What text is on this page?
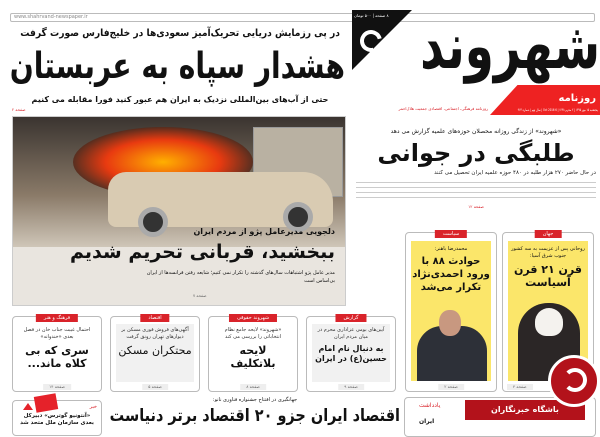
www.shahrvand-newspaper.ir	۸ صفحه | ۵۰۰ تومان شهروند
روزنامه
پنجشنبه ۱۵ مهر ۱۳۹۵ | ۲ محرم ۱۴۳۸ | 6 Oct 2016 | سال نهم | شماره ۹۶۳
روزنامه فرهنگی، اجتماعی، اقتصادی جمعیت هلال‌احمر
در پی رزمایش دریایی تحریک‌آمیز سعودی‌ها در خلیج‌فارس صورت گرفت
هشدار سپاه به عربستان
حتی از آب‌های بین‌المللی نزدیک به ایران هم عبور کنید فورا مقابله می کنیم
صفحه ۲
دلجویی مدیرعامل پژو از مردم ایران
ببخشید، قربانی تحریم شدیم
مدیر عامل پژو اشتباهات سال‌های گذشته را تکرار نمی کنیم؛ شایعه رفتن فرانسه‌ها از ایران بی‌اساس است
صفحه ۷
«شهروند» از زندگی روزانه محصلان حوزه‌های علمیه گزارش می دهد
طلبگی در جوانی
در حال حاضر ۲۷۰ هزار طلبه در ۴۸۰ حوزه علمیه ایران تحصیل می کنند
صفحه ۱۲
جهان
روحانی پس از عزیمت به سه کشور جنوب شرق آسیا:
قرن ۲۱ قرن آسیاست
صفحه ۴
سیاست
محمدرضا باهنر:
حوادث ۸۸ با ورود احمدی‌نژاد تکرار می‌شد
صفحه ۲
گزارش
آیین‌های بومی عزاداری محرم در میان مردم ایران
به دنبال نام امام حسین(ع) در ایران
صفحه ۹
شهروند حقوقی
«شهروند» لایحه جامع نظام انتخاباتی را بررسی می کند
لایحه بلاتکلیف
صفحه ۸
اقتصاد
آگهی‌های فروش فوری مسکن بر دیوارهای تهران رونق گرفت
محتکران مسکن
صفحه ۵
فرهنگ و هنر
احتمال غیبت جناب خان در فصل بعدی «خندوانه»
سری که بی کلاه ماند...
صفحه ۱۴
خبر
«آنتونیو گوترس» دبیرکل بعدی سازمان ملل متحد شد
جهانگیری در افتتاح جشنواره فناوری نانو:
اقتصاد ایران جزو ۲۰ اقتصاد برتر دنیاست
یادداشت
ایران
باشگاه خبرنگاران
